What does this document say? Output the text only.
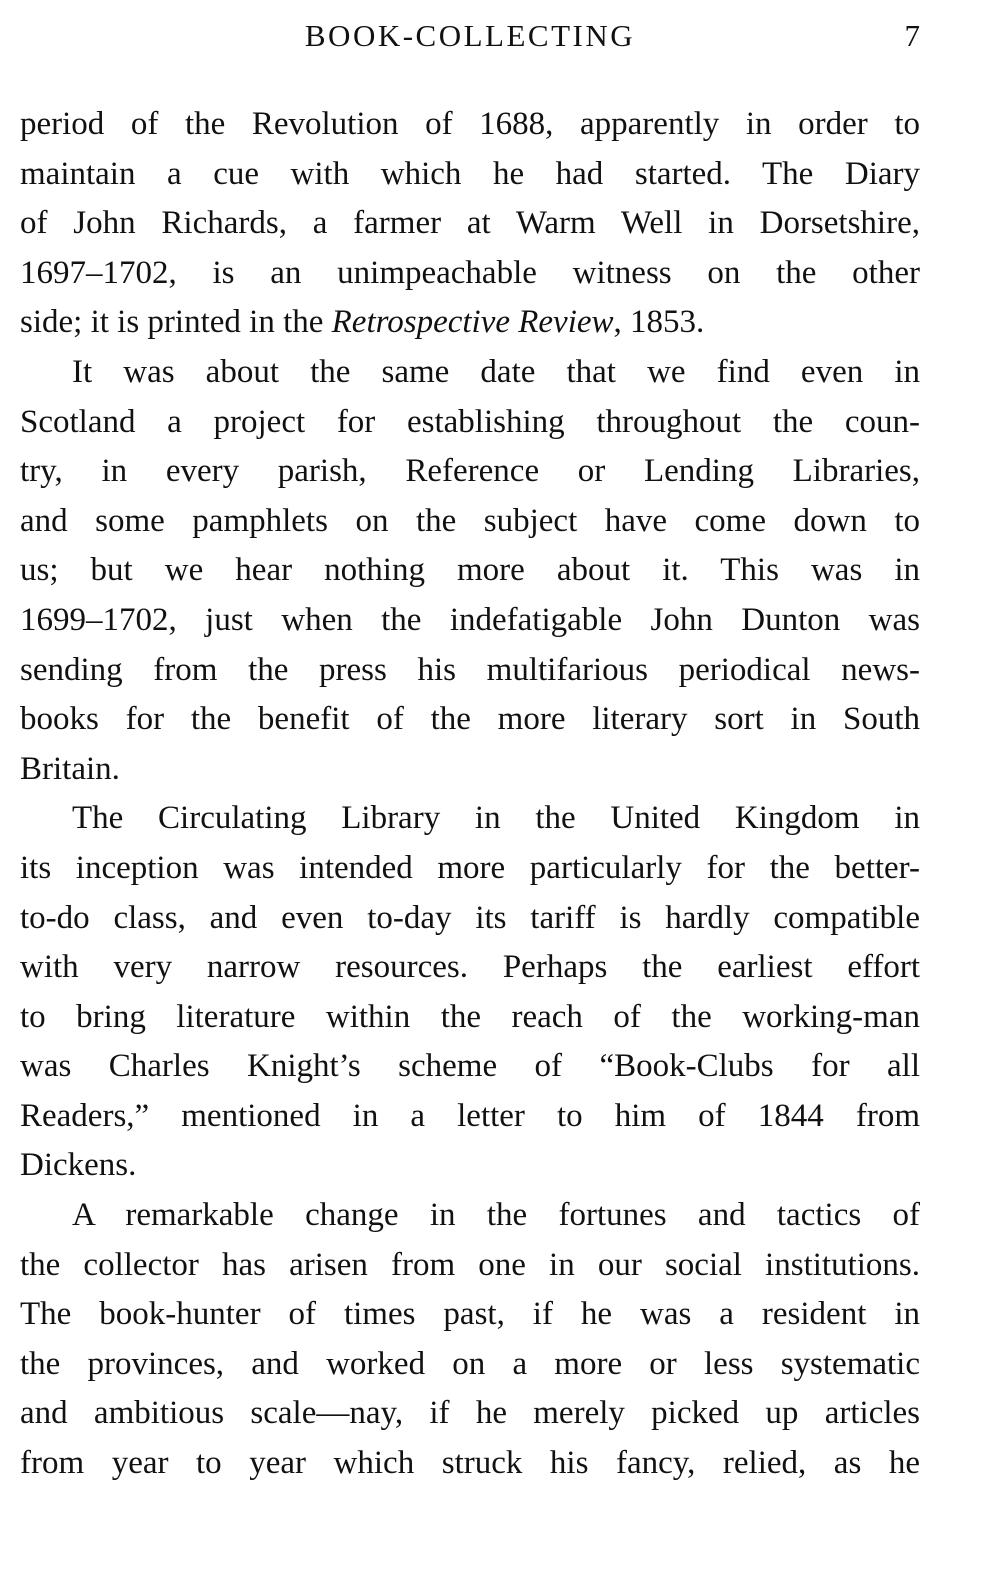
BOOK-COLLECTING	7

period of the Revolution of 1688, apparently in order to
maintain a cue with which he had started. The Diary
of John Richards, a farmer at Warm Well in Dorsetshire,
1697–1702, is an unimpeachable witness on the other
side; it is printed in the Retrospective Review, 1853.

It was about the same date that we find even in
Scotland a project for establishing throughout the coun-
try, in every parish, Reference or Lending Libraries,
and some pamphlets on the subject have come down to
us; but we hear nothing more about it. This was in
1699–1702, just when the indefatigable John Dunton was
sending from the press his multifarious periodical news-
books for the benefit of the more literary sort in South
Britain.

The Circulating Library in the United Kingdom in
its inception was intended more particularly for the better-
to-do class, and even to-day its tariff is hardly compatible
with very narrow resources. Perhaps the earliest effort
to bring literature within the reach of the working-man
was Charles Knight’s scheme of “Book-Clubs for all
Readers,” mentioned in a letter to him of 1844 from
Dickens.

A remarkable change in the fortunes and tactics of
the collector has arisen from one in our social institutions.
The book-hunter of times past, if he was a resident in
the provinces, and worked on a more or less systematic
and ambitious scale—nay, if he merely picked up articles
from year to year which struck his fancy, relied, as he
